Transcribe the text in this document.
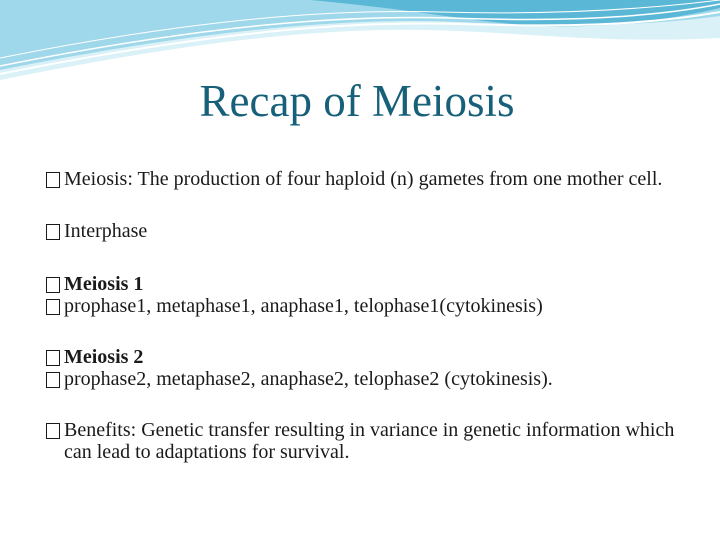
Recap of Meiosis
Meiosis: The production of four haploid (n) gametes from one mother cell.
Interphase
Meiosis 1
prophase1, metaphase1, anaphase1, telophase1(cytokinesis)
Meiosis 2
prophase2, metaphase2, anaphase2, telophase2 (cytokinesis).
Benefits: Genetic transfer resulting in variance in genetic information which can lead to adaptations for survival.
